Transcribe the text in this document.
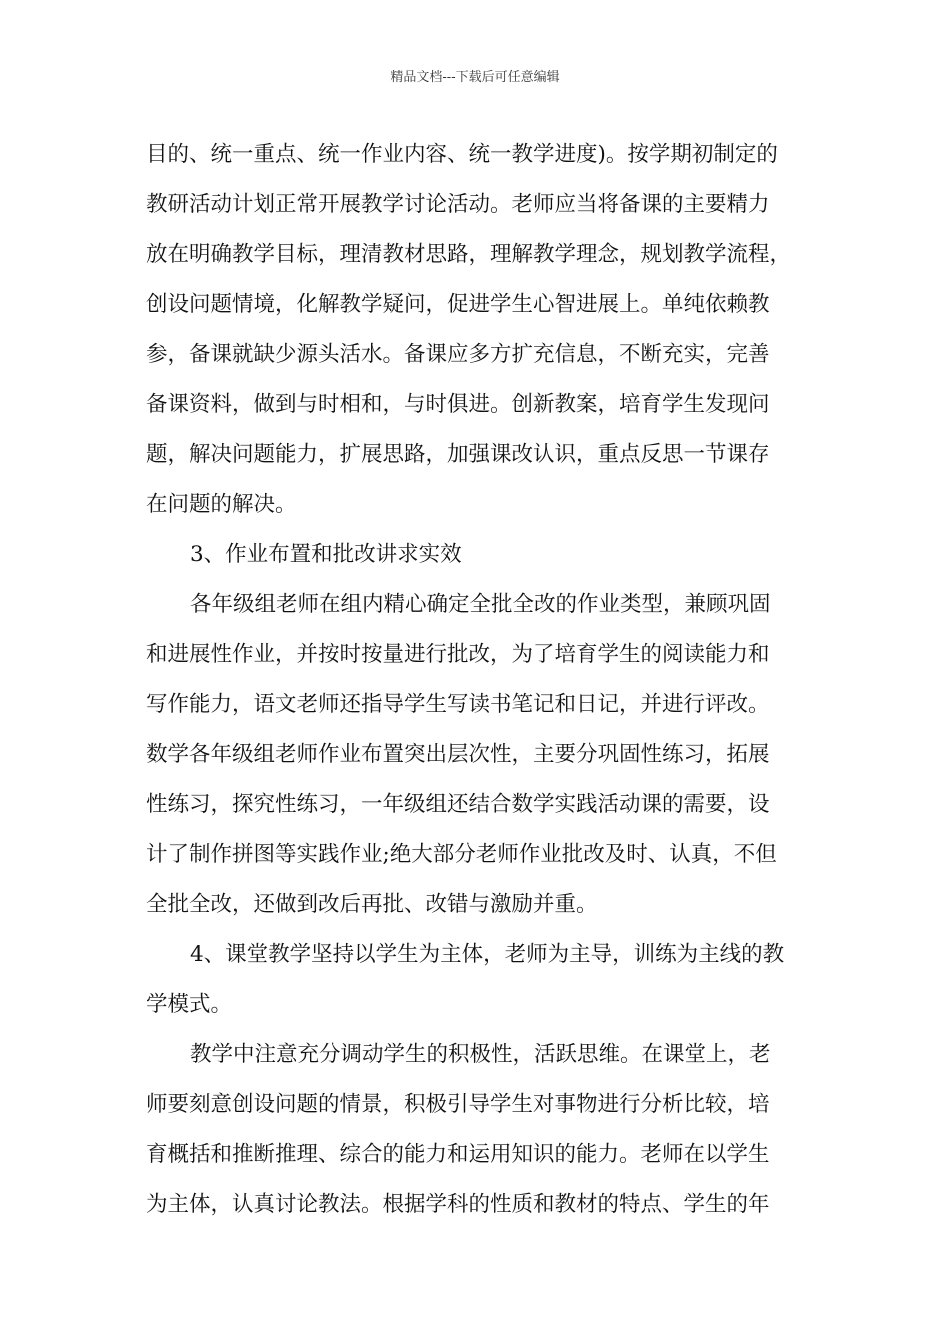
精品文档---下载后可任意编辑
目的、统一重点、统一作业内容、统一教学进度)。按学期初制定的
教研活动计划正常开展教学讨论活动。老师应当将备课的主要精力
放在明确教学目标，理清教材思路，理解教学理念，规划教学流程，
创设问题情境，化解教学疑问，促进学生心智进展上。单纯依赖教
参，备课就缺少源头活水。备课应多方扩充信息，不断充实，完善
备课资料，做到与时相和，与时俱进。创新教案，培育学生发现问
题，解决问题能力，扩展思路，加强课改认识，重点反思一节课存
在问题的解决。
3、作业布置和批改讲求实效
各年级组老师在组内精心确定全批全改的作业类型，兼顾巩固
和进展性作业，并按时按量进行批改，为了培育学生的阅读能力和
写作能力，语文老师还指导学生写读书笔记和日记，并进行评改。
数学各年级组老师作业布置突出层次性，主要分巩固性练习，拓展
性练习，探究性练习，一年级组还结合数学实践活动课的需要，设
计了制作拼图等实践作业;绝大部分老师作业批改及时、认真，不但
全批全改，还做到改后再批、改错与激励并重。
4、课堂教学坚持以学生为主体，老师为主导，训练为主线的教
学模式。
教学中注意充分调动学生的积极性，活跃思维。在课堂上，老
师要刻意创设问题的情景，积极引导学生对事物进行分析比较，培
育概括和推断推理、综合的能力和运用知识的能力。老师在以学生
为主体，认真讨论教法。根据学科的性质和教材的特点、学生的年
